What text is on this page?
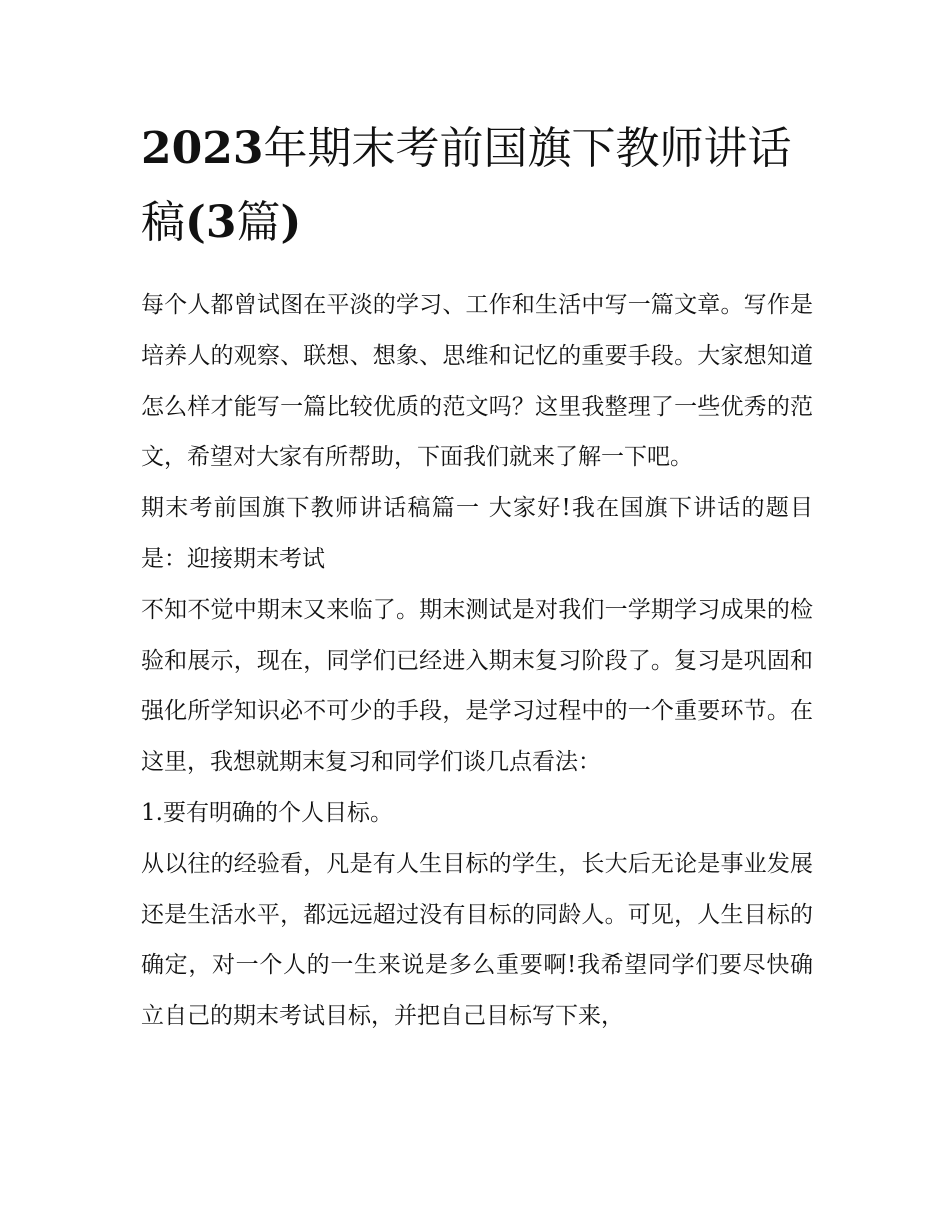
2023年期末考前国旗下教师讲话稿(3篇)

每个人都曾试图在平淡的学习、工作和生活中写一篇文章。写作是培养人的观察、联想、想象、思维和记忆的重要手段。大家想知道怎么样才能写一篇比较优质的范文吗？这里我整理了一些优秀的范文，希望对大家有所帮助，下面我们就来了解一下吧。

期末考前国旗下教师讲话稿篇一 大家好!我在国旗下讲话的题目是：迎接期末考试

不知不觉中期末又来临了。期末测试是对我们一学期学习成果的检验和展示，现在，同学们已经进入期末复习阶段了。复习是巩固和强化所学知识必不可少的手段，是学习过程中的一个重要环节。在这里，我想就期末复习和同学们谈几点看法：

1.要有明确的个人目标。

从以往的经验看，凡是有人生目标的学生，长大后无论是事业发展还是生活水平，都远远超过没有目标的同龄人。可见，人生目标的确定，对一个人的一生来说是多么重要啊!我希望同学们要尽快确立自己的期末考试目标，并把自己目标写下来，
